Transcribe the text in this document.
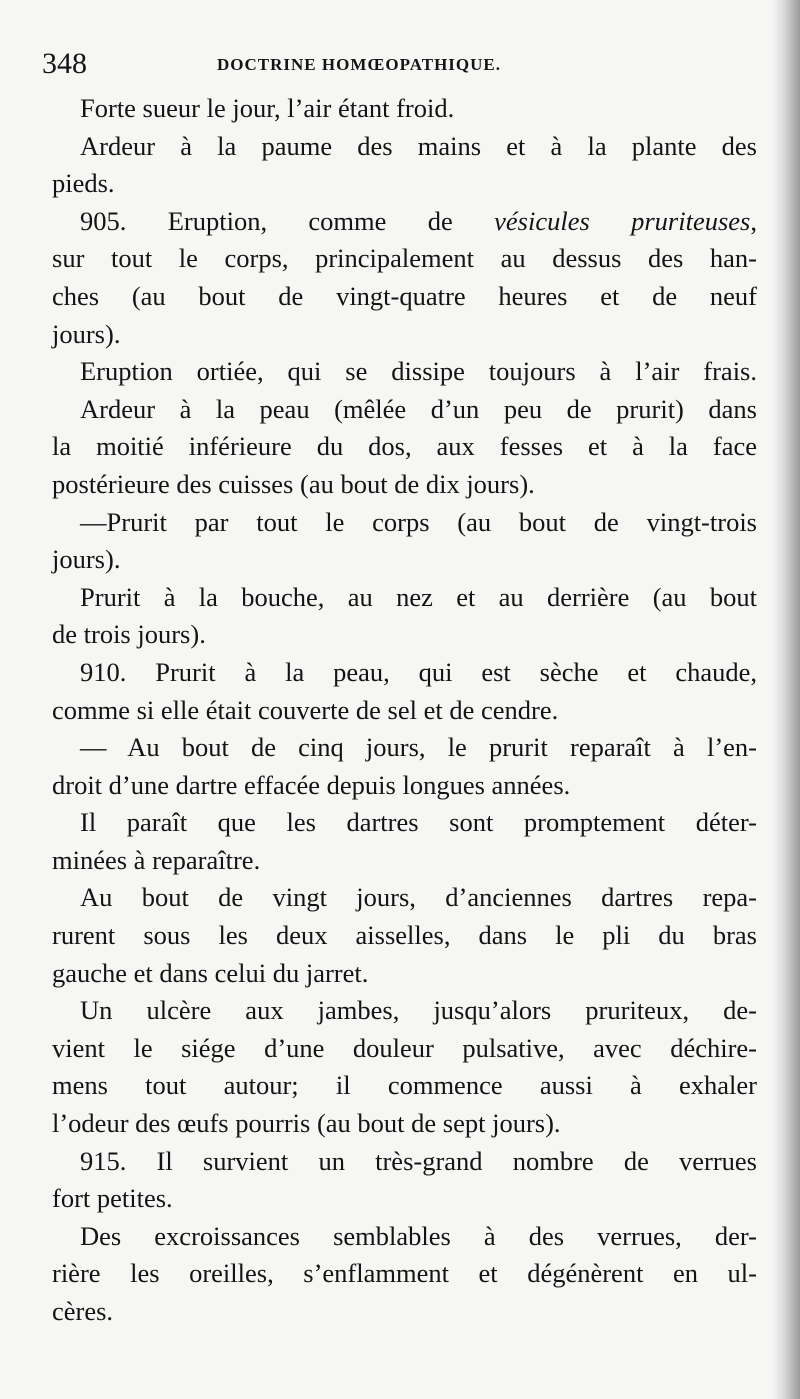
348	DOCTRINE HOMŒOPATHIQUE.
Forte sueur le jour, l’air étant froid.
Ardeur à la paume des mains et à la plante des
pieds.
905. Eruption, comme de vésicules pruriteuses,
sur tout le corps, principalement au dessus des han-
ches (au bout de vingt-quatre heures et de neuf
jours).
Eruption ortiée, qui se dissipe toujours à l’air frais.
Ardeur à la peau (mêlée d’un peu de prurit) dans
la moitié inférieure du dos, aux fesses et à la face
postérieure des cuisses (au bout de dix jours).
—Prurit par tout le corps (au bout de vingt-trois
jours).
Prurit à la bouche, au nez et au derrière (au bout
de trois jours).
910. Prurit à la peau, qui est sèche et chaude,
comme si elle était couverte de sel et de cendre.
— Au bout de cinq jours, le prurit reparaît à l’en-
droit d’une dartre effacée depuis longues années.
Il paraît que les dartres sont promptement déter-
minées à reparaître.
Au bout de vingt jours, d’anciennes dartres repa-
rurent sous les deux aisselles, dans le pli du bras
gauche et dans celui du jarret.
Un ulcère aux jambes, jusqu’alors pruriteux, de-
vient le siége d’une douleur pulsative, avec déchire-
mens tout autour; il commence aussi à exhaler
l’odeur des œufs pourris (au bout de sept jours).
915. Il survient un très-grand nombre de verrues
fort petites.
Des excroissances semblables à des verrues, der-
rière les oreilles, s’enflamment et dégénèrent en ul-
cères.
